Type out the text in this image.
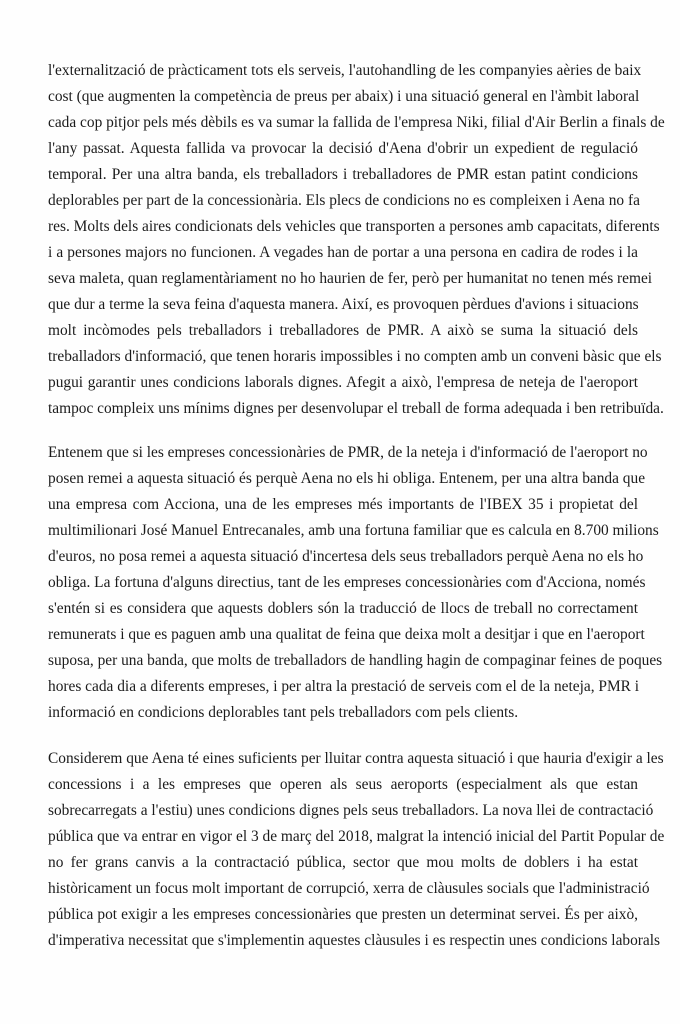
l'externalització de pràcticament tots els serveis, l'autohandling de les companyies aèries de baix
cost (que augmenten la competència de preus per abaix) i una situació general en l'àmbit laboral
cada cop pitjor pels més dèbils es va sumar la fallida de l'empresa Niki, filial d'Air Berlin a finals de
l'any passat. Aquesta fallida va provocar la decisió d'Aena d'obrir un expedient de regulació
temporal. Per una altra banda, els treballadors i treballadores de PMR estan patint condicions
deplorables per part de la concessionària. Els plecs de condicions no es compleixen i Aena no fa
res. Molts dels aires condicionats dels vehicles que transporten a persones amb capacitats, diferents
i a persones majors no funcionen. A vegades han de portar a una persona en cadira de rodes i la
seva maleta, quan reglamentàriament no ho haurien de fer, però per humanitat no tenen més remei
que dur a terme la seva feina d'aquesta manera. Així, es provoquen pèrdues d'avions i situacions
molt incòmodes pels treballadors i treballadores de PMR. A això se suma la situació dels
treballadors d'informació, que tenen horaris impossibles i no compten amb un conveni bàsic que els
pugui garantir unes condicions laborals dignes. Afegit a això, l'empresa de neteja de l'aeroport
tampoc compleix uns mínims dignes per desenvolupar el treball de forma adequada i ben retribuïda.
Entenem que si les empreses concessionàries de PMR, de la neteja i d'informació de l'aeroport no
posen remei a aquesta situació és perquè Aena no els hi obliga. Entenem, per una altra banda que
una empresa com Acciona, una de les empreses més importants de l'IBEX 35 i propietat del
multimilionari José Manuel Entrecanales, amb una fortuna familiar que es calcula en 8.700 milions
d'euros, no posa remei a aquesta situació d'incertesa dels seus treballadors perquè Aena no els ho
obliga. La fortuna d'alguns directius, tant de les empreses concessionàries com d'Acciona, només
s'entén si es considera que aquests doblers són la traducció de llocs de treball no correctament
remunerats i que es paguen amb una qualitat de feina que deixa molt a desitjar i que en l'aeroport
suposa, per una banda, que molts de treballadors de handling hagin de compaginar feines de poques
hores cada dia a diferents empreses, i per altra la prestació de serveis com el de la neteja, PMR i
informació en condicions deplorables tant pels treballadors com pels clients.
Considerem que Aena té eines suficients per lluitar contra aquesta situació i que hauria d'exigir a les
concessions i a les empreses que operen als seus aeroports (especialment als que estan
sobrecarregats a l'estiu) unes condicions dignes pels seus treballadors. La nova llei de contractació
pública que va entrar en vigor el 3 de març del 2018, malgrat la intenció inicial del Partit Popular de
no fer grans canvis a la contractació pública, sector que mou molts de doblers i ha estat
històricament un focus molt important de corrupció, xerra de clàusules socials que l'administració
pública pot exigir a les empreses concessionàries que presten un determinat servei. És per això,
d'imperativa necessitat que s'implementin aquestes clàusules i es respectin unes condicions laborals
